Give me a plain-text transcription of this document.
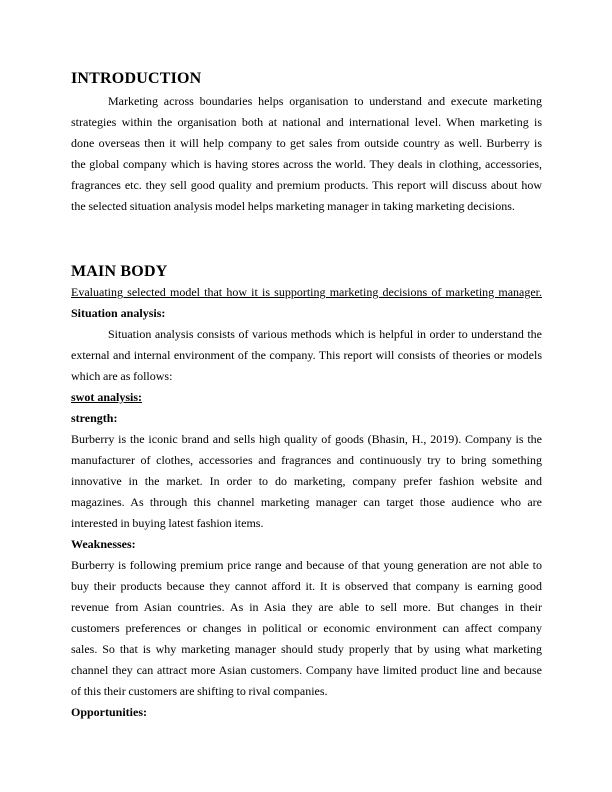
INTRODUCTION
Marketing across boundaries helps organisation to understand and execute marketing
strategies within the organisation both at national and international level. When marketing is
done overseas then it will help company to get sales from outside country as well. Burberry is
the global company which is having stores across the world. They deals in clothing, accessories,
fragrances etc. they sell good quality and premium products. This report will discuss about how
the selected situation analysis model helps marketing manager in taking marketing decisions.
MAIN BODY
Evaluating selected model that how it is supporting marketing decisions of marketing manager.
Situation analysis:
Situation analysis consists of various methods which is helpful in order to understand the
external and internal environment of the company. This report will consists of theories or models
which are as follows:
swot analysis:
strength:
Burberry is the iconic brand and sells high quality of goods (Bhasin, H., 2019). Company is the
manufacturer of clothes, accessories and fragrances and continuously try to bring something
innovative in the market. In order to do marketing, company prefer fashion website and
magazines. As through this channel marketing manager can target those audience who are
interested in buying latest fashion items.
Weaknesses:
Burberry is following premium price range and because of that young generation are not able to
buy their products because they cannot afford it. It is observed that company is earning good
revenue from Asian countries. As in Asia they are able to sell more. But changes in their
customers preferences or changes in political or economic environment can affect company
sales. So that is why marketing manager should study properly that by using what marketing
channel they can attract more Asian customers. Company have limited product line and because
of this their customers are shifting to rival companies.
Opportunities:
